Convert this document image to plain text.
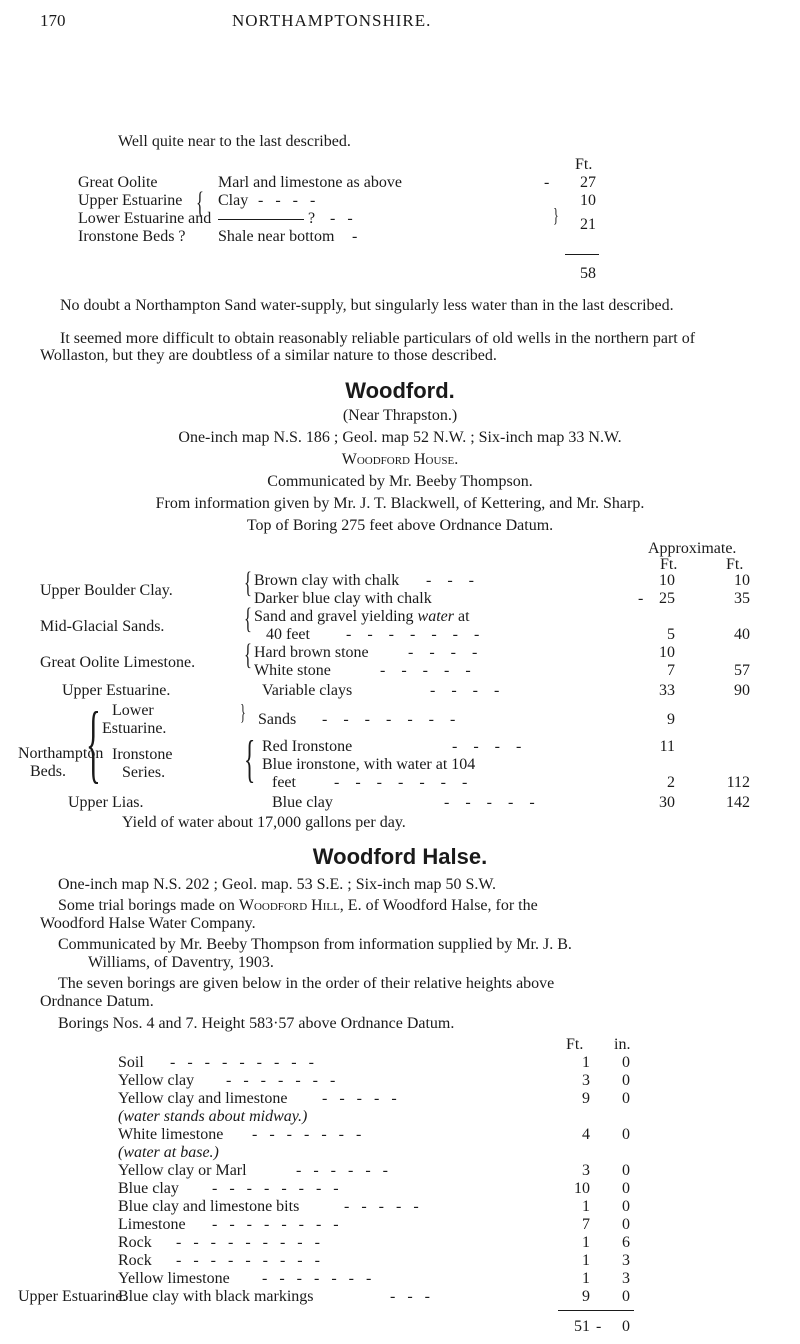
170	NORTHAMPTONSHIRE.
Well quite near to the last described.
Ft.
Great Oolite	Marl and limestone as above	-	27
Upper Estuarine { Clay -   -   -   -	10
Lower Estuarine and	? -   -	}	21
Ironstone Beds ? Shale near bottom -
58
No doubt a Northampton Sand water-supply, but singularly less water than in the last described.
It seemed more difficult to obtain reasonably reliable particulars of old wells in the northern part of Wollaston, but they are doubtless of a similar nature to those described.
Woodford.
(Near Thrapston.)
One-inch map N.S. 186 ; Geol. map 52 N.W. ; Six-inch map 33 N.W.
Woodford House.
Communicated by Mr. Beeby Thompson.
From information given by Mr. J. T. Blackwell, of Kettering, and Mr. Sharp.
Top of Boring 275 feet above Ordnance Datum.
Approximate.
Ft.	Ft.
Upper Boulder Clay. { Brown clay with chalk -    -    -	10	10
Darker blue clay with chalk	- 25	35
Mid-Glacial Sands.	{ Sand and gravel yielding water at
40 feet -    -    -    -    -    -    -	5	40
Great Oolite Limestone. { Hard brown stone -    -    -    -	10
White stone	-    -    -    -    -	7	57
Upper Estuarine.	Variable clays	-    -    -    -	33	90
Northampton
Beds. { Lower
Estuarine.
} Sands -    -    -    -    -    -    -	9
Ironstone
Series. { Red Ironstone	-    -    -    -	11
Blue ironstone, with water at 104
feet -    -    -    -    -    -    -	2	112
Upper Lias.	Blue clay	-    -    -    -    -	30	142
Yield of water about 17,000 gallons per day.
Woodford Halse.
One-inch map N.S. 202 ; Geol. map. 53 S.E. ; Six-inch map 50 S.W.
Some trial borings made on Woodford Hill, E. of Woodford Halse, for the
Woodford Halse Water Company.
Communicated by Mr. Beeby Thompson from information supplied by Mr. J. B.
Williams, of Daventry, 1903.
The seven borings are given below in the order of their relative heights above
Ordnance Datum.
Borings Nos. 4 and 7. Height 583·57 above Ordnance Datum.
Ft. in.
Soil -   -   -   -   -   -   -   -   -	1	0
Yellow clay -   -   -   -   -   -   -	3	0
Yellow clay and limestone -   -   -   -   -	9	0
(water stands about midway.)
White limestone -   -   -   -   -   -   -	4	0
(water at base.)
Yellow clay or Marl	-   -   -   -   -   -	3	0
Blue clay -   -   -   -   -   -   -   -	10	0
Blue clay and limestone bits	-   -   -   -   -	1	0
Limestone -   -   -   -   -   -   -   -	7	0
Rock -   -   -   -   -   -   -   -   -	1	6
Rock -   -   -   -   -   -   -   -   -	1	3
Yellow limestone -   -   -   -   -   -   -	1	3
Upper Estuarine.
Blue clay with black markings	-   -   -	9	0
51 -	0
